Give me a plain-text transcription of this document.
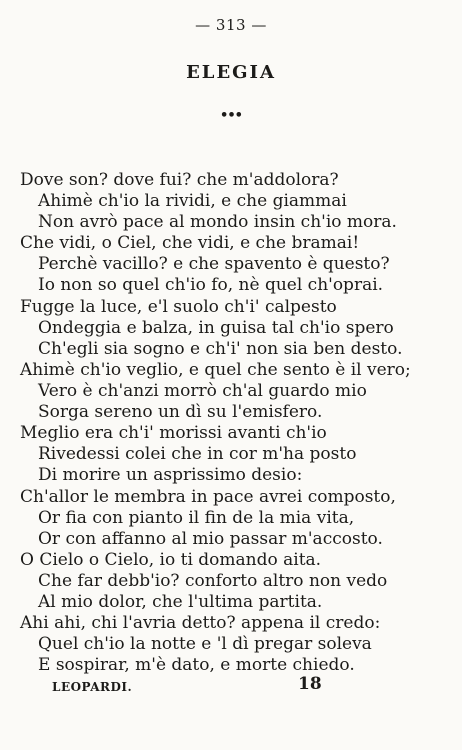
— 313 —
ELEGIA
•••
Dove son? dove fui? che m'addolora?
Ahimè ch'io la rividi, e che giammai
Non avrò pace al mondo insin ch'io mora.
Che vidi, o Ciel, che vidi, e che bramai!
Perchè vacillo? e che spavento è questo?
Io non so quel ch'io fo, nè quel ch'oprai.
Fugge la luce, e'l suolo ch'i' calpesto
Ondeggia e balza, in guisa tal ch'io spero
Ch'egli sia sogno e ch'i' non sia ben desto.
Ahimè ch'io veglio, e quel che sento è il vero;
Vero è ch'anzi morrò ch'al guardo mio
Sorga sereno un dì su l'emisfero.
Meglio era ch'i' morissi avanti ch'io
Rivedessi colei che in cor m'ha posto
Di morire un asprissimo desio:
Ch'allor le membra in pace avrei composto,
Or fia con pianto il fin de la mia vita,
Or con affanno al mio passar m'accosto.
O Cielo o Cielo, io ti domando aita.
Che far debb'io? conforto altro non vedo
Al mio dolor, che l'ultima partita.
Ahi ahi, chi l'avria detto? appena il credo:
Quel ch'io la notte e 'l dì pregar soleva
E sospirar, m'è dato, e morte chiedo.
LEOPARDI.	18
